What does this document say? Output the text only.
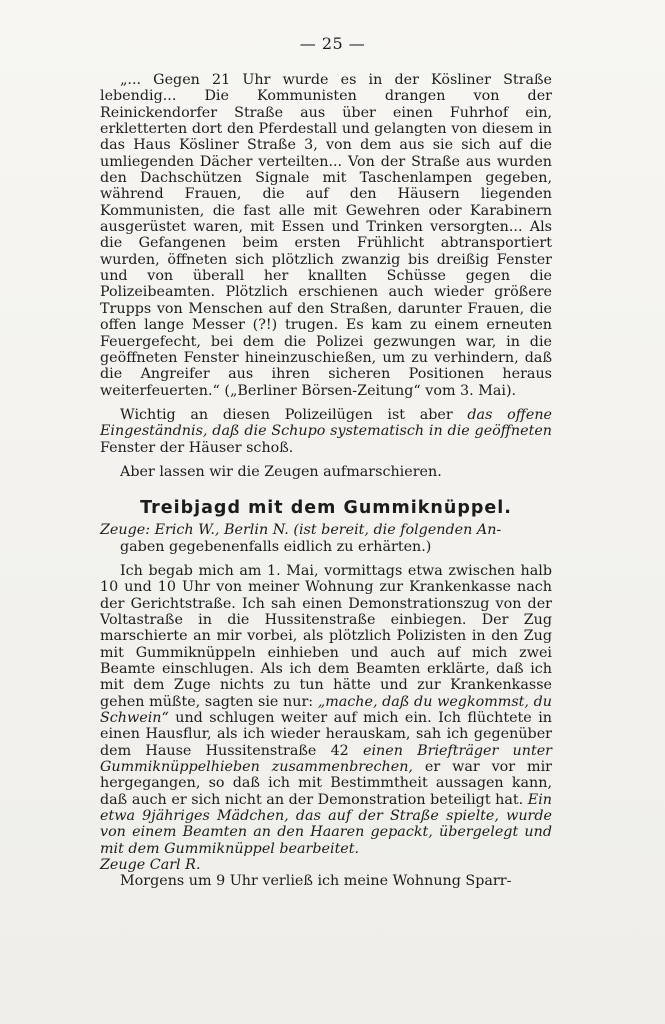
— 25 —

„... Gegen 21 Uhr wurde es in der Kösliner Straße lebendig... Die Kommunisten drangen von der Reinickendorfer Straße aus über einen Fuhrhof ein, erkletterten dort den Pferdestall und gelangten von diesem in das Haus Kösliner Straße 3, von dem aus sie sich auf die umliegenden Dächer verteilten... Von der Straße aus wurden den Dachschützen Signale mit Taschenlampen gegeben, während Frauen, die auf den Häusern liegenden Kommunisten, die fast alle mit Gewehren oder Karabinern ausgerüstet waren, mit Essen und Trinken versorgten... Als die Gefangenen beim ersten Frühlicht abtransportiert wurden, öffneten sich plötzlich zwanzig bis dreißig Fenster und von überall her knallten Schüsse gegen die Polizeibeamten. Plötzlich erschienen auch wieder größere Trupps von Menschen auf den Straßen, darunter Frauen, die offen lange Messer (?!) trugen. Es kam zu einem erneuten Feuergefecht, bei dem die Polizei gezwungen war, in die geöffneten Fenster hineinzuschießen, um zu verhindern, daß die Angreifer aus ihren sicheren Positionen heraus weiterfeuerten.“ („Berliner Börsen-Zeitung“ vom 3. Mai).

Wichtig an diesen Polizeilügen ist aber das offene Eingeständnis, daß die Schupo systematisch in die geöffneten Fenster der Häuser schoß.

Aber lassen wir die Zeugen aufmarschieren.

Treibjagd mit dem Gummiknüppel.

Zeuge: Erich W., Berlin N. (ist bereit, die folgenden An-
gaben gegebenenfalls eidlich zu erhärten.)

Ich begab mich am 1. Mai, vormittags etwa zwischen halb 10 und 10 Uhr von meiner Wohnung zur Krankenkasse nach der Gerichtstraße. Ich sah einen Demonstrationszug von der Voltastraße in die Hussitenstraße einbiegen. Der Zug marschierte an mir vorbei, als plötzlich Polizisten in den Zug mit Gummiknüppeln einhieben und auch auf mich zwei Beamte einschlugen. Als ich dem Beamten erklärte, daß ich mit dem Zuge nichts zu tun hätte und zur Krankenkasse gehen müßte, sagten sie nur: „mache, daß du wegkommst, du Schwein“ und schlugen weiter auf mich ein. Ich flüchtete in einen Hausflur, als ich wieder herauskam, sah ich gegenüber dem Hause Hussitenstraße 42 einen Briefträger unter Gummiknüppelhieben zusammenbrechen, er war vor mir hergegangen, so daß ich mit Bestimmtheit aussagen kann, daß auch er sich nicht an der Demonstration beteiligt hat. Ein etwa 9jähriges Mädchen, das auf der Straße spielte, wurde von einem Beamten an den Haaren gepackt, übergelegt und mit dem Gummiknüppel bearbeitet.

Zeuge Carl R.

Morgens um 9 Uhr verließ ich meine Wohnung Sparr-
